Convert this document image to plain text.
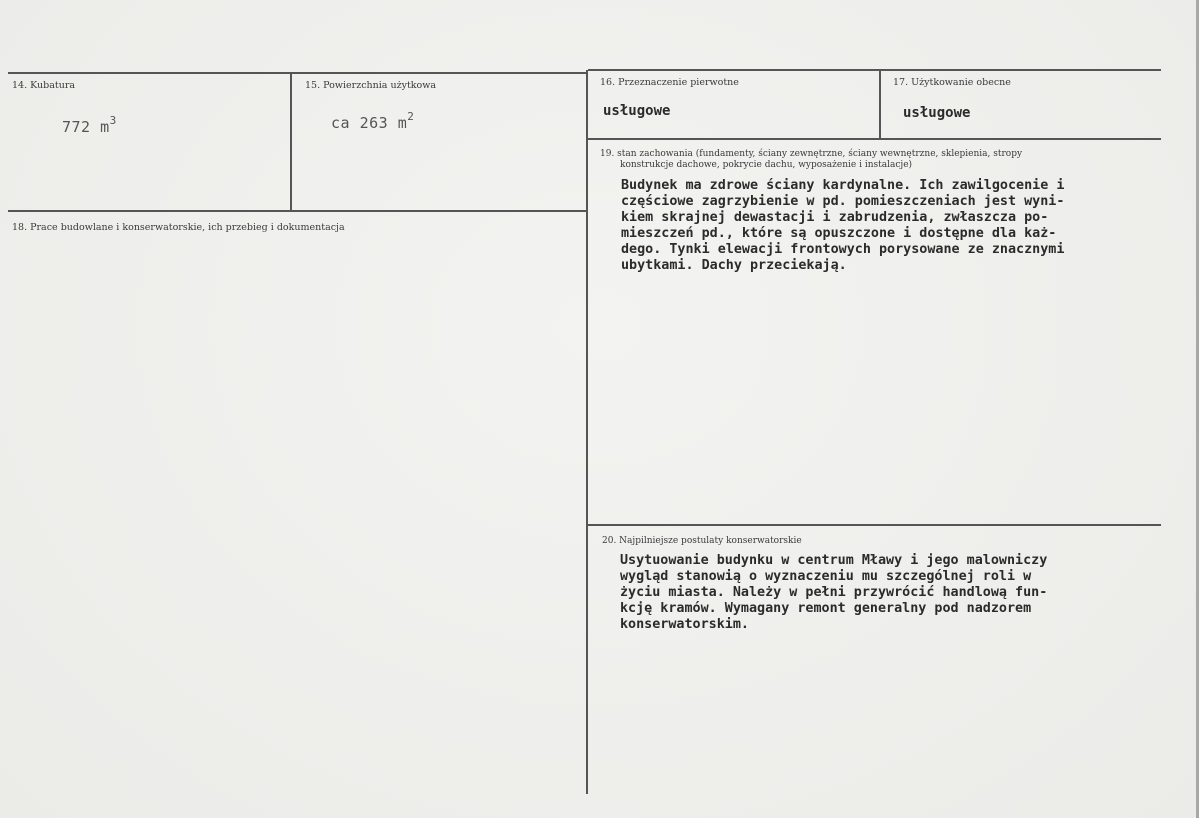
14. Kubatura
772 $m^3$
15. Powierzchnia użytkowa
ca 263 $m^2$
16. Przeznaczenie pierwotne
usługowe
17. Użytkowanie obecne
usługowe
18. Prace budowlane i konserwatorskie, ich przebieg i dokumentacja
19. stan zachowania (fundamenty, ściany zewnętrzne, ściany wewnętrzne, sklepienia, stropy
konstrukcje dachowe, pokrycie dachu, wyposażenie i instalacje)
Budynek ma zdrowe ściany kardynalne. Ich zawilgocenie i
częściowe zagrzybienie w pd. pomieszczeniach jest wyni-
kiem skrajnej dewastacji i zabrudzenia, zwłaszcza po-
mieszczeń pd., które są opuszczone i dostępne dla każ-
dego. Tynki elewacji frontowych porysowane ze znacznymi
ubytkami. Dachy przeciekają.
20. Najpilniejsze postulaty konserwatorskie
Usytuowanie budynku w centrum Mławy i jego malowniczy
wygląd stanowią o wyznaczeniu mu szczególnej roli w
życiu miasta. Należy w pełni przywrócić handlową fun-
kcję kramów. Wymagany remont generalny pod nadzorem
konserwatorskim.
